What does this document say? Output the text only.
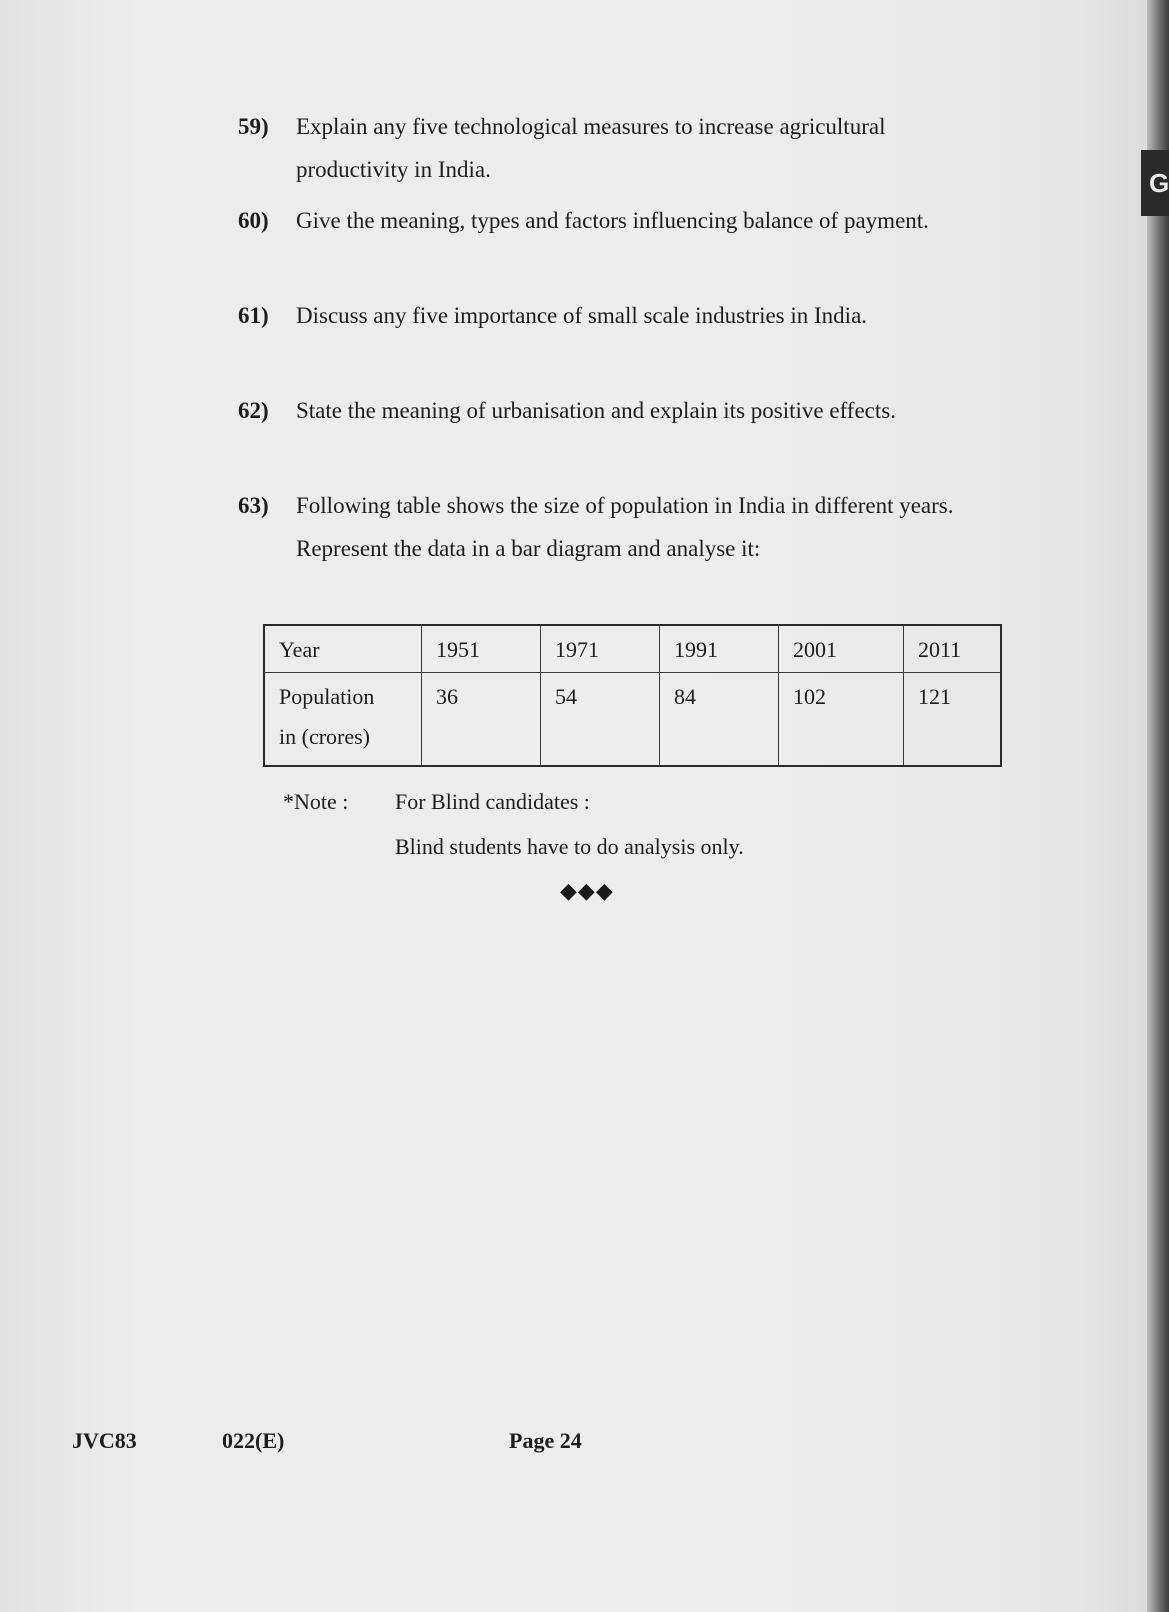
G
59) Explain any five technological measures to increase agricultural productivity in India.
60) Give the meaning, types and factors influencing balance of payment.
61) Discuss any five importance of small scale industries in India.
62) State the meaning of urbanisation and explain its positive effects.
63) Following table shows the size of population in India in different years. Represent the data in a bar diagram and analyse it:
Year	1951	1971	1991	2001	2011

Population
in (crores)	36	54	84	102	121
*Note : For Blind candidates :
Blind students have to do analysis only.
◆◆◆
JVC83	022(E)	Page 24
